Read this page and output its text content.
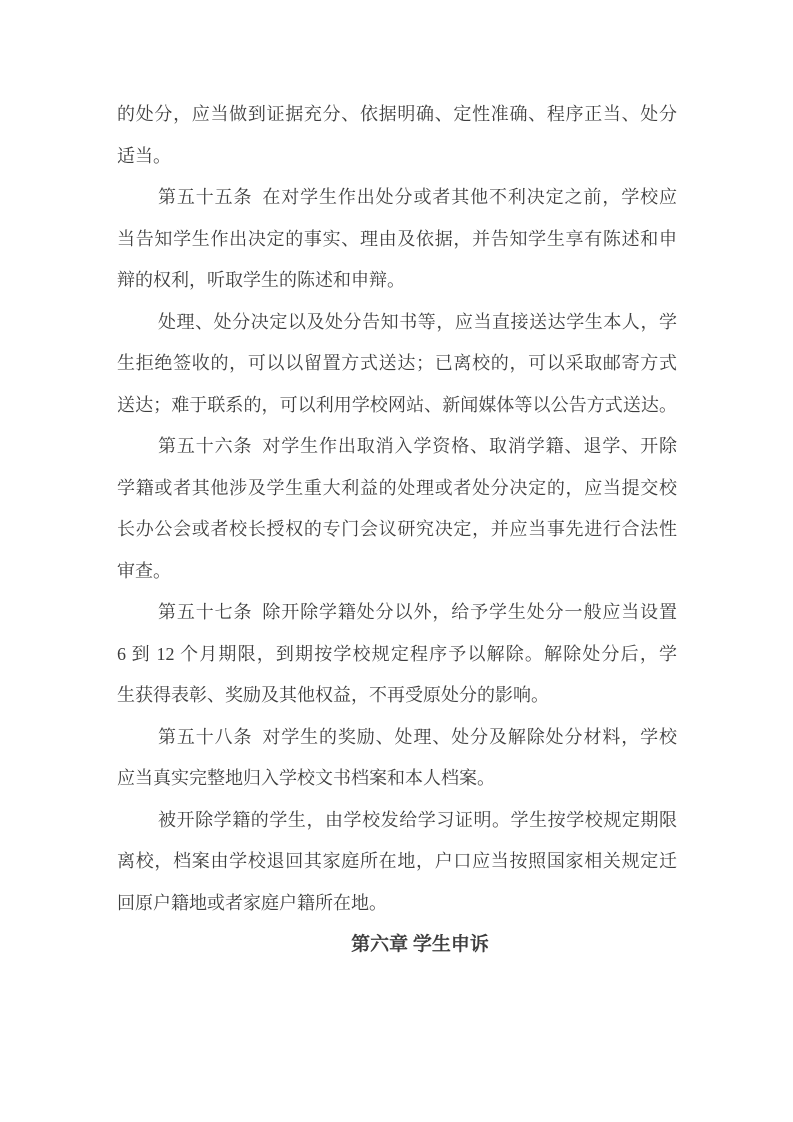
的处分，应当做到证据充分、依据明确、定性准确、程序正当、处分
适当。
第五十五条 在对学生作出处分或者其他不利决定之前，学校应
当告知学生作出决定的事实、理由及依据，并告知学生享有陈述和申
辩的权利，听取学生的陈述和申辩。
处理、处分决定以及处分告知书等，应当直接送达学生本人，学
生拒绝签收的，可以以留置方式送达；已离校的，可以采取邮寄方式
送达；难于联系的，可以利用学校网站、新闻媒体等以公告方式送达。
第五十六条 对学生作出取消入学资格、取消学籍、退学、开除
学籍或者其他涉及学生重大利益的处理或者处分决定的，应当提交校
长办公会或者校长授权的专门会议研究决定，并应当事先进行合法性
审查。
第五十七条 除开除学籍处分以外，给予学生处分一般应当设置
6 到 12 个月期限，到期按学校规定程序予以解除。解除处分后，学
生获得表彰、奖励及其他权益，不再受原处分的影响。
第五十八条 对学生的奖励、处理、处分及解除处分材料，学校
应当真实完整地归入学校文书档案和本人档案。
被开除学籍的学生，由学校发给学习证明。学生按学校规定期限
离校，档案由学校退回其家庭所在地，户口应当按照国家相关规定迁
回原户籍地或者家庭户籍所在地。
第六章 学生申诉
